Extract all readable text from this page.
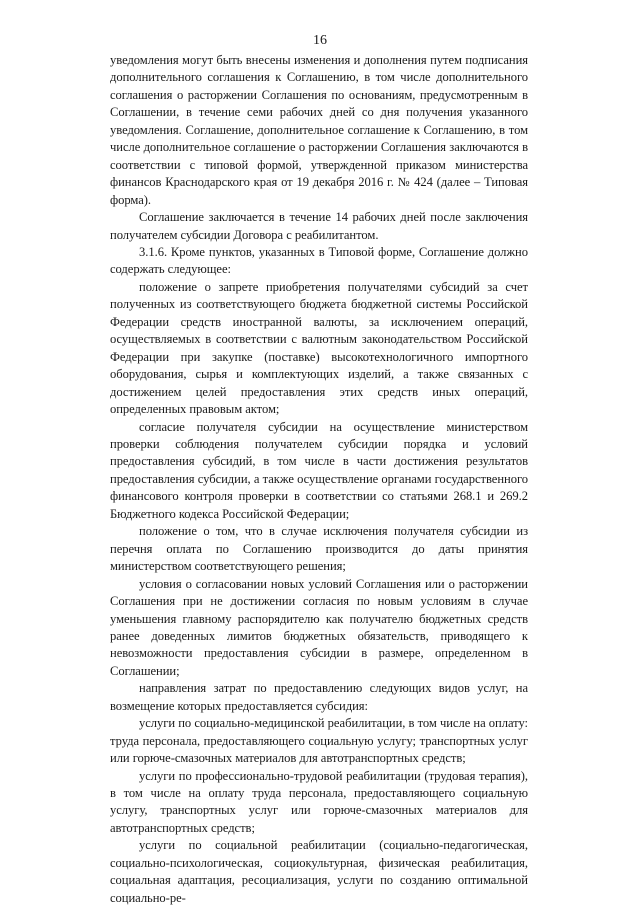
16

уведомления могут быть внесены изменения и дополнения путем подписания дополнительного соглашения к Соглашению, в том числе дополнительного соглашения о расторжении Соглашения по основаниям, предусмотренным в Соглашении, в течение семи рабочих дней со дня получения указанного уведомления. Соглашение, дополнительное соглашение к Соглашению, в том числе дополнительное соглашение о расторжении Соглашения заключаются в соответствии с типовой формой, утвержденной приказом министерства финансов Краснодарского края от 19 декабря 2016 г. № 424 (далее – Типовая форма).

Соглашение заключается в течение 14 рабочих дней после заключения получателем субсидии Договора с реабилитантом.

3.1.6. Кроме пунктов, указанных в Типовой форме, Соглашение должно содержать следующее:

положение о запрете приобретения получателями субсидий за счет полученных из соответствующего бюджета бюджетной системы Российской Федерации средств иностранной валюты, за исключением операций, осуществляемых в соответствии с валютным законодательством Российской Федерации при закупке (поставке) высокотехнологичного импортного оборудования, сырья и комплектующих изделий, а также связанных с достижением целей предоставления этих средств иных операций, определенных правовым актом;

согласие получателя субсидии на осуществление министерством проверки соблюдения получателем субсидии порядка и условий предоставления субсидий, в том числе в части достижения результатов предоставления субсидии, а также осуществление органами государственного финансового контроля проверки в соответствии со статьями 268.1 и 269.2 Бюджетного кодекса Российской Федерации;

положение о том, что в случае исключения получателя субсидии из перечня оплата по Соглашению производится до даты принятия министерством соответствующего решения;

условия о согласовании новых условий Соглашения или о расторжении Соглашения при не достижении согласия по новым условиям в случае уменьшения главному распорядителю как получателю бюджетных средств ранее доведенных лимитов бюджетных обязательств, приводящего к невозможности предоставления субсидии в размере, определенном в Соглашении;

направления затрат по предоставлению следующих видов услуг, на возмещение которых предоставляется субсидия:

услуги по социально-медицинской реабилитации, в том числе на оплату: труда персонала, предоставляющего социальную услугу; транспортных услуг или горюче-смазочных материалов для автотранспортных средств;

услуги по профессионально-трудовой реабилитации (трудовая терапия), в том числе на оплату труда персонала, предоставляющего социальную услугу, транспортных услуг или горюче-смазочных материалов для автотранспортных средств;

услуги по социальной реабилитации (социально-педагогическая, социально-психологическая, социокультурная, физическая реабилитация, социальная адаптация, ресоциализация, услуги по созданию оптимальной социально-ре-
